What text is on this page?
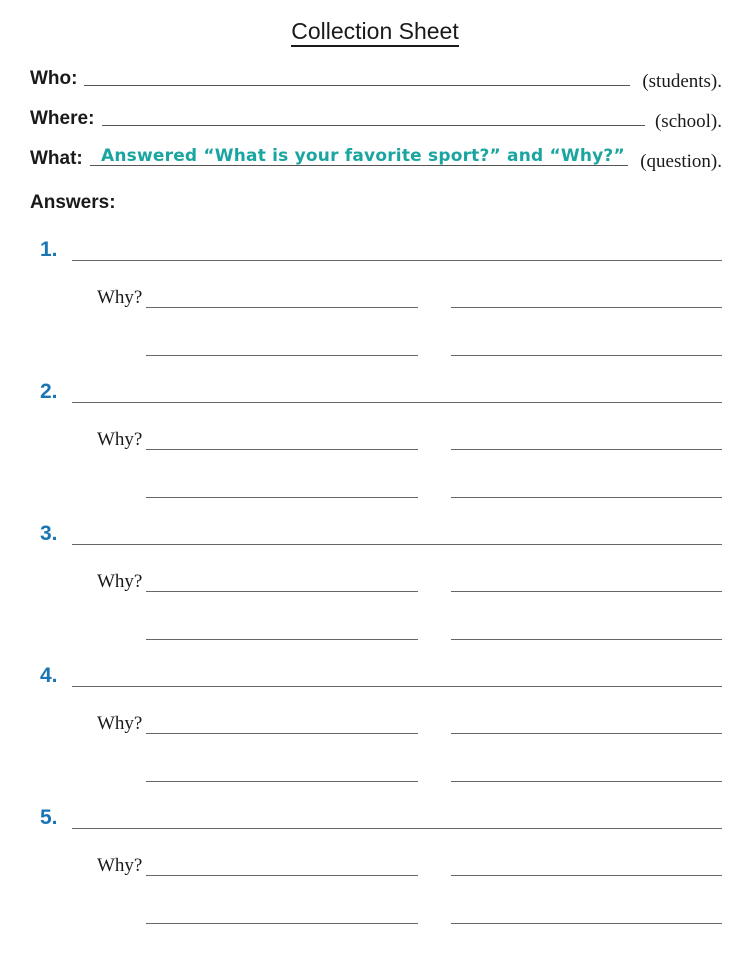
Collection Sheet
Who:	(students).
Where:	(school).
What: Answered “What is your favorite sport?” and “Why?” (question).
Answers:
1.
Why?
2.
Why?
3.
Why?
4.
Why?
5.
Why?
